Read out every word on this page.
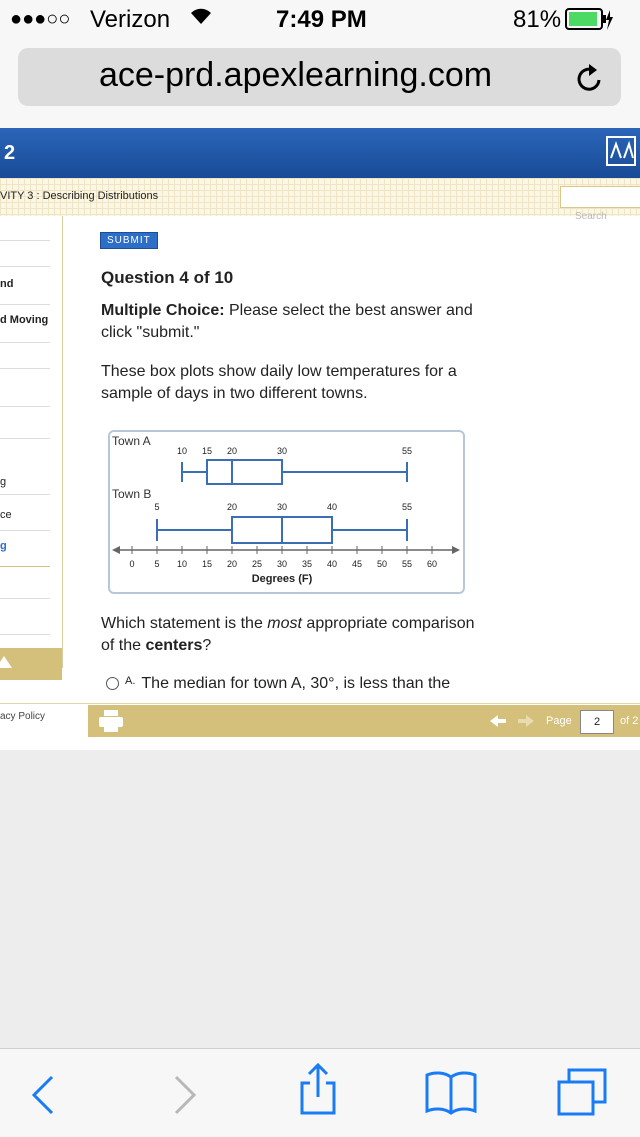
●●●○○ Verizon	7:49 PM	81%
ace-prd.apexlearning.com
2
VITY 3 : Describing Distributions
Search
nd
d Moving
g
ce
g
SUBMIT
Question 4 of 10
Multiple Choice: Please select the best answer and click "submit."
These box plots show daily low temperatures for a sample of days in two different towns.
Town A
10 15 20	30	55
Town B
5	20	30	40	55
0 5 10 15 20 25 30 35 40 45 50 55 60
Degrees (F)
Which statement is the most appropriate comparison of the centers?
$^{A.}$ The median for town A, 30°, is less than the
acy Policy	Page	2	of 2
